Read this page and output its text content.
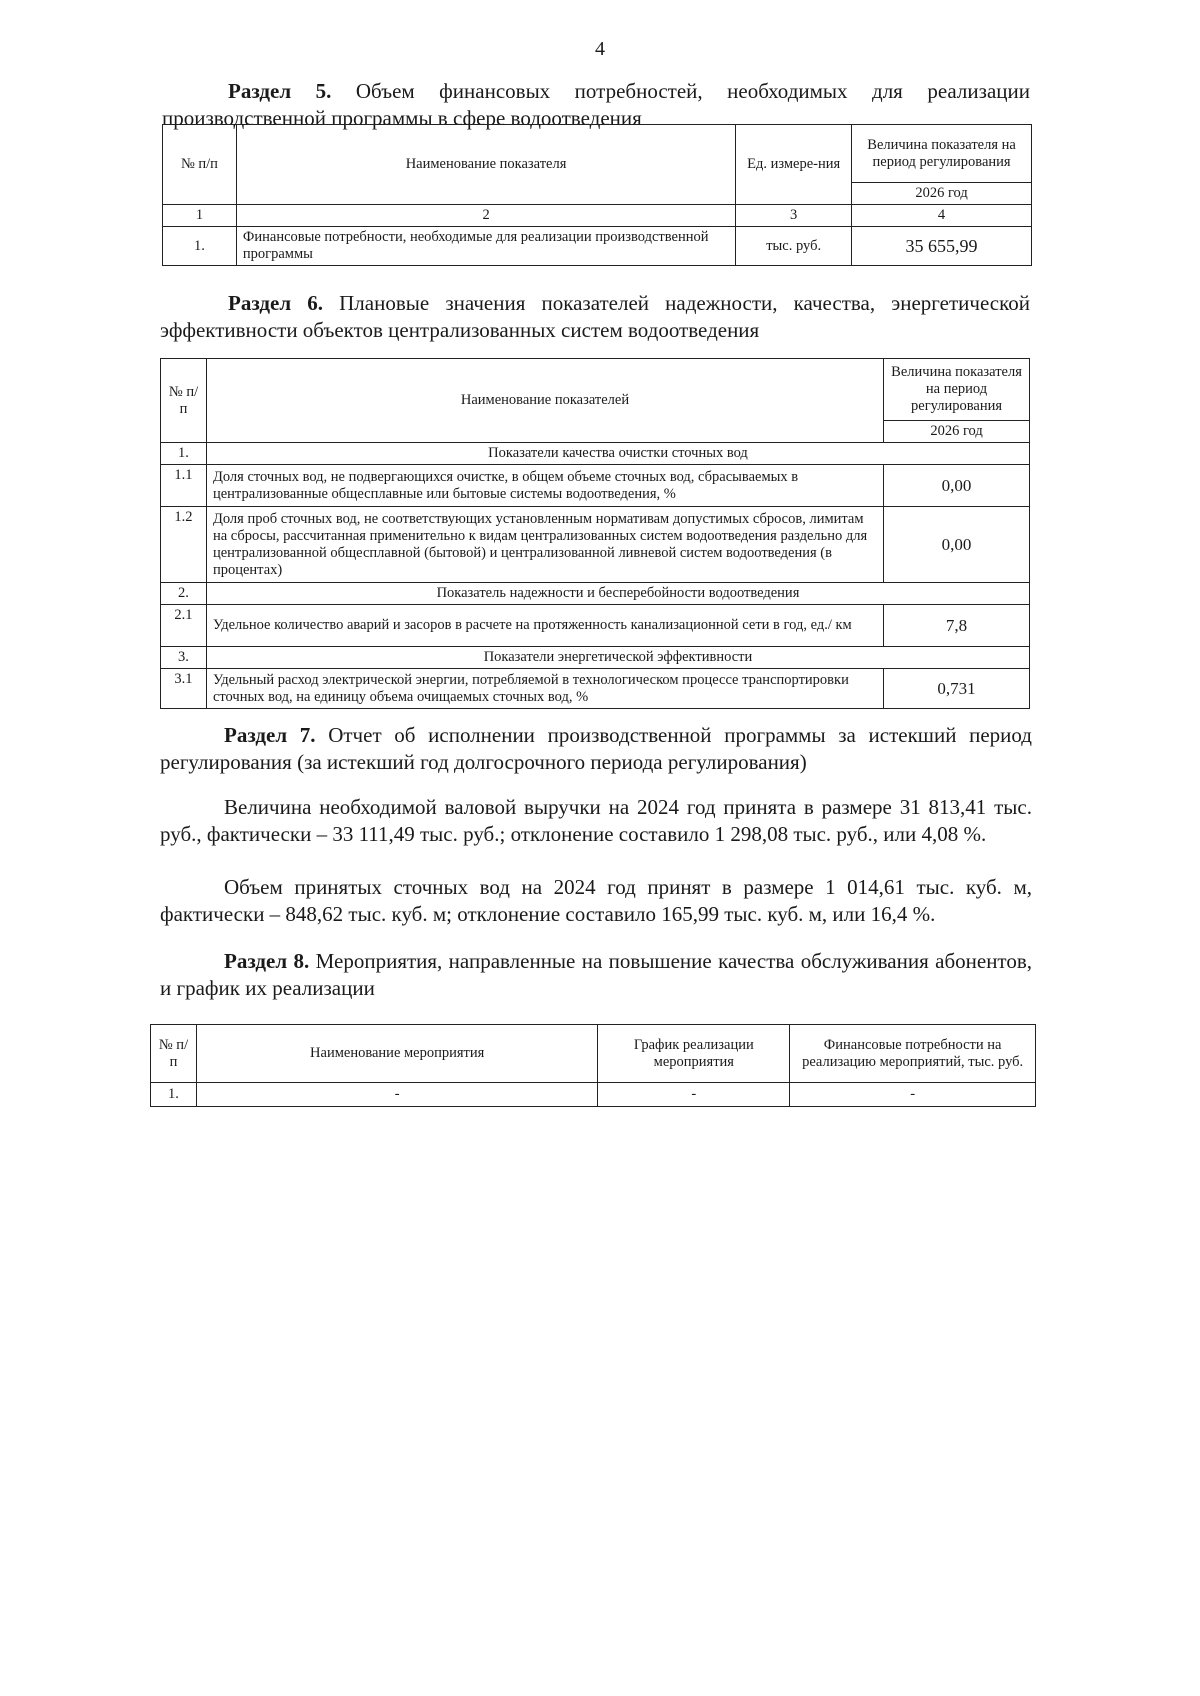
4
Раздел 5. Объем финансовых потребностей, необходимых для реализации производственной программы в сфере водоотведения
№ п/п	Наименование показателя	Ед. измере-ния	Величина показателя на период регулирования
			2026 год
1	2	3	4
1.	Финансовые потребности, необходимые для реализации производственной программы	тыс. руб.	35 655,99
Раздел 6. Плановые значения показателей надежности, качества, энергетической эффективности объектов централизованных систем водоотведения
№ п/п	Наименование показателей	Величина показателя на период регулирования
		2026 год
1.	Показатели качества очистки сточных вод	
1.1	Доля сточных вод, не подвергающихся очистке, в общем объеме сточных вод, сбрасываемых в централизованные общесплавные или бытовые системы водоотведения, %	0,00
1.2	Доля проб сточных вод, не соответствующих установленным нормативам допустимых сбросов, лимитам на сбросы, рассчитанная применительно к видам централизованных систем водоотведения раздельно для централизованной общесплавной (бытовой) и централизованной ливневой систем водоотведения (в процентах)	0,00
2.	Показатель надежности и бесперебойности водоотведения	
2.1	Удельное количество аварий и засоров в расчете на протяженность канализационной сети в год, ед./ км	7,8
3.	Показатели энергетической эффективности	
3.1	Удельный расход электрической энергии, потребляемой в технологическом процессе транспортировки сточных вод, на единицу объема очищаемых сточных вод, %	0,731
Раздел 7. Отчет об исполнении производственной программы за истекший период регулирования (за истекший год долгосрочного периода регулирования)
Величина необходимой валовой выручки на 2024 год принята в размере 31 813,41 тыс. руб., фактически – 33 111,49 тыс. руб.; отклонение составило 1 298,08 тыс. руб., или 4,08 %.
Объем принятых сточных вод на 2024 год принят в размере 1 014,61 тыс. куб. м, фактически – 848,62 тыс. куб. м; отклонение составило 165,99 тыс. куб. м, или 16,4 %.
Раздел 8. Мероприятия, направленные на повышение качества обслуживания абонентов, и график их реализации
№ п/п	Наименование мероприятия	График реализации мероприятия	Финансовые потребности на реализацию мероприятий, тыс. руб.
1.	-	-	-
